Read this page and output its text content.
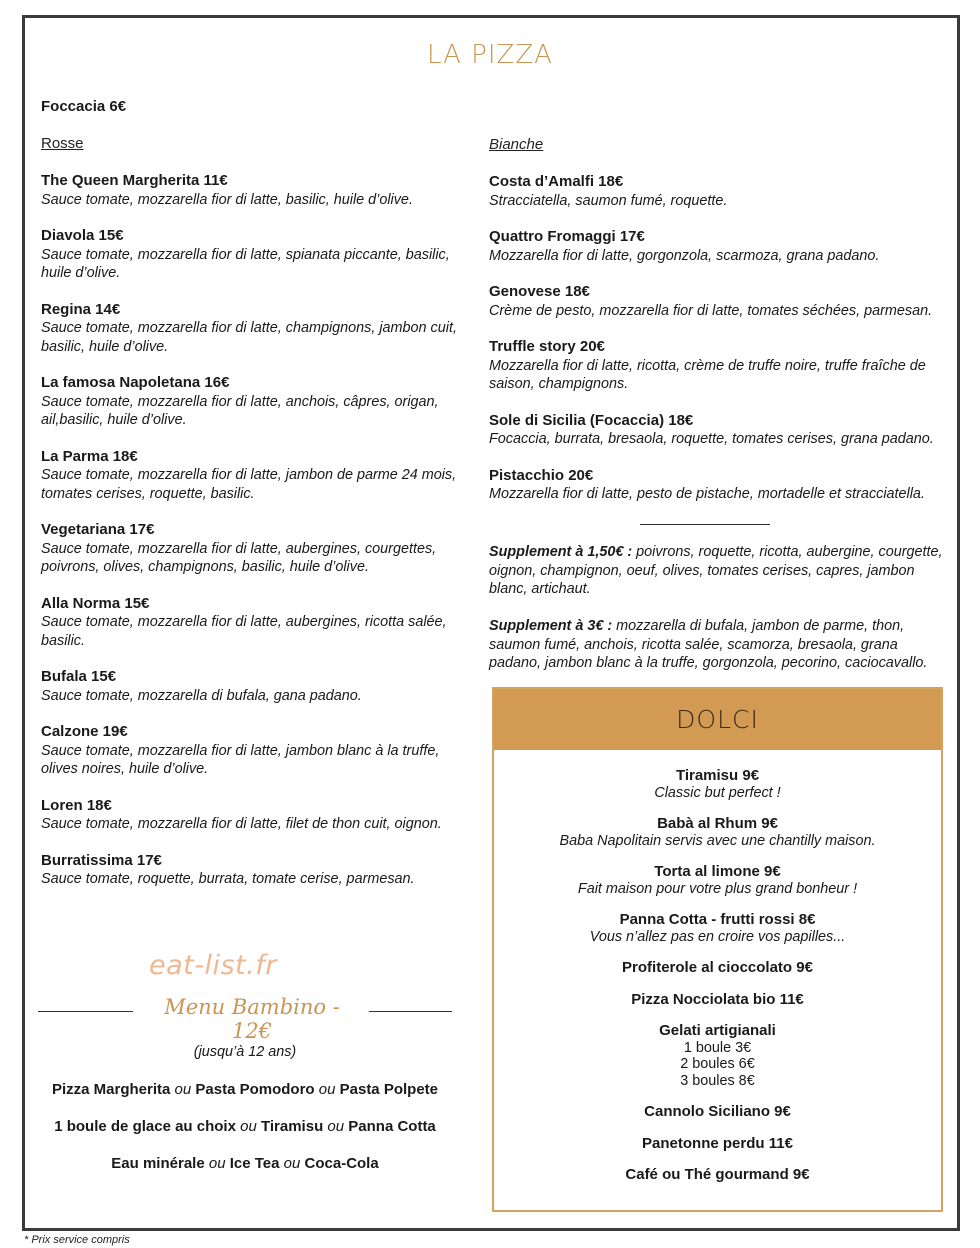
LA PIZZA
Foccacia 6€
Rosse	Bianche
The Queen Margherita 11€
Sauce tomate, mozzarella fior di latte, basilic, huile d’olive.
Diavola 15€
Sauce tomate, mozzarella fior di latte, spianata piccante, basilic, huile d’olive.
Regina 14€
Sauce tomate, mozzarella fior di latte, champignons, jambon cuit, basilic, huile d’olive.
La famosa Napoletana 16€
Sauce tomate, mozzarella fior di latte, anchois, câpres, origan, ail,basilic, huile d’olive.
La Parma 18€
Sauce tomate, mozzarella fior di latte, jambon de parme 24 mois, tomates cerises, roquette, basilic.
Vegetariana 17€
Sauce tomate, mozzarella fior di latte, aubergines, courgettes, poivrons, olives, champignons, basilic, huile d’olive.
Alla Norma 15€
Sauce tomate, mozzarella fior di latte, aubergines, ricotta salée, basilic.
Bufala 15€
Sauce tomate, mozzarella di bufala, gana padano.
Calzone 19€
Sauce tomate, mozzarella fior di latte, jambon blanc à la truffe, olives noires, huile d’olive.
Loren 18€
Sauce tomate, mozzarella fior di latte, filet de thon cuit, oignon.
Burratissima 17€
Sauce tomate, roquette, burrata, tomate cerise, parmesan.
Costa d’Amalfi 18€
Stracciatella, saumon fumé, roquette.
Quattro Fromaggi 17€
Mozzarella fior di latte, gorgonzola, scarmoza, grana padano.
Genovese 18€
Crème de pesto, mozzarella fior di latte, tomates séchées, parmesan.
Truffle story 20€
Mozzarella fior di latte, ricotta, crème de truffe noire, truffe fraîche de saison, champignons.
Sole di Sicilia (Focaccia) 18€
Focaccia, burrata, bresaola, roquette, tomates cerises, grana padano.
Pistacchio 20€
Mozzarella fior di latte, pesto de pistache, mortadelle et stracciatella.
Supplement à 1,50€ : poivrons, roquette, ricotta, aubergine, courgette, oignon, champignon, oeuf, olives, tomates cerises, capres, jambon blanc, artichaut.
Supplement à 3€ : mozzarella di bufala, jambon de parme, thon, saumon fumé, anchois, ricotta salée, scamorza, bresaola, grana padano, jambon blanc à la truffe, gorgonzola, pecorino, caciocavallo.
DOLCI
Tiramisu 9€
Classic but perfect !
Babà al Rhum 9€
Baba Napolitain servis avec une chantilly maison.
Torta al limone 9€
Fait maison pour votre plus grand bonheur !
Panna Cotta - frutti rossi 8€
Vous n’allez pas en croire vos papilles...
Profiterole al cioccolato 9€
Pizza Nocciolata bio 11€
Gelati artigianali
1 boule 3€
2 boules 6€
3 boules 8€
Cannolo Siciliano 9€
Panetonne perdu 11€
Café ou Thé gourmand 9€
eat-list.fr
Menu Bambino - 12€
(jusqu’à 12 ans)
Pizza Margherita ou Pasta Pomodoro ou Pasta Polpete
1 boule de glace au choix ou Tiramisu ou Panna Cotta
Eau minérale ou Ice Tea ou Coca-Cola
* Prix service compris
